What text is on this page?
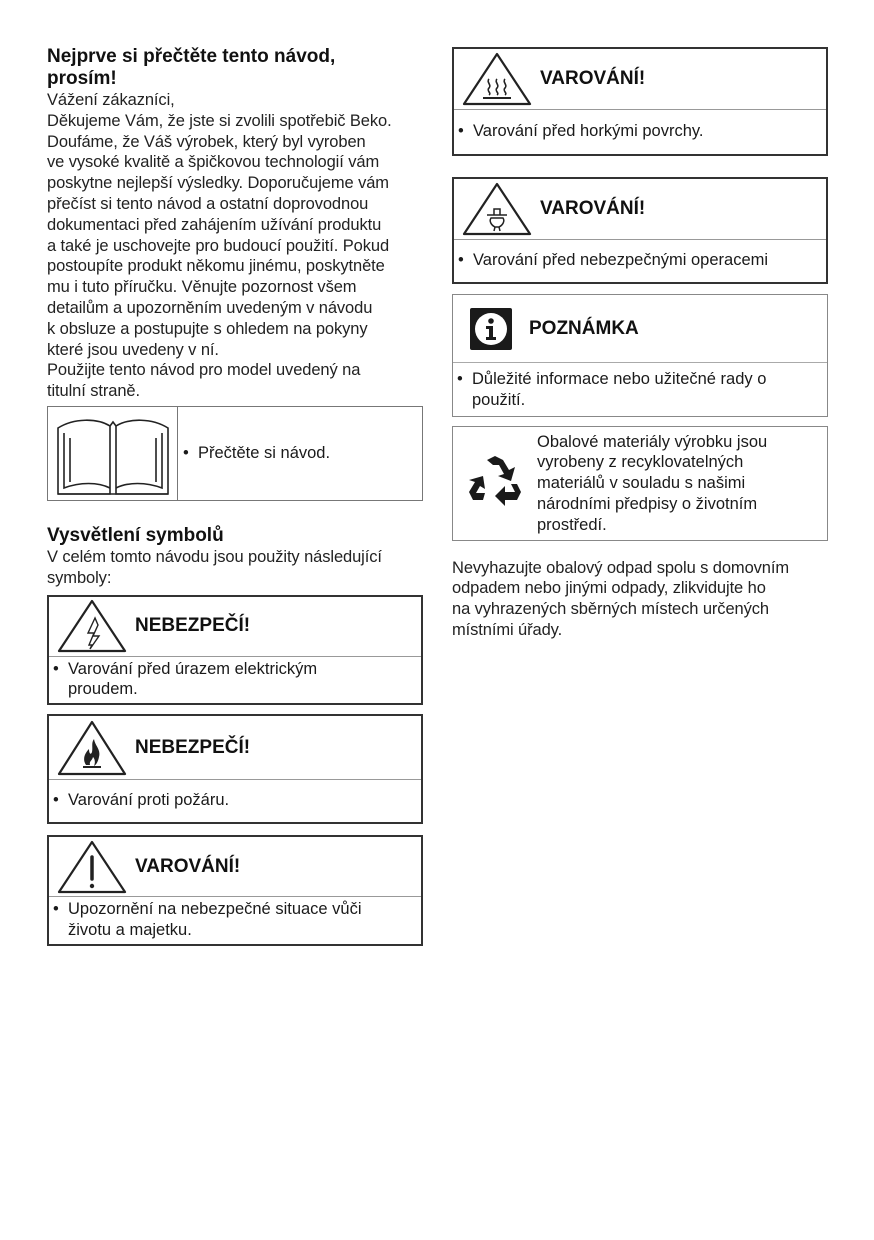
Nejprve si přečtěte tento návod,
prosím!
Vážení zákazníci,
Děkujeme Vám, že jste si zvolili spotřebič Beko.
Doufáme, že Váš výrobek, který byl vyroben
ve vysoké kvalitě a špičkovou technologií vám
poskytne nejlepší výsledky. Doporučujeme vám
přečíst si tento návod a ostatní doprovodnou
dokumentaci před zahájením užívání produktu
a také je uschovejte pro budoucí použití. Pokud
postoupíte produkt někomu jinému, poskytněte
mu i tuto příručku. Věnujte pozornost všem
detailům a upozorněním uvedeným v návodu
k obsluze a postupujte s ohledem na pokyny
které jsou uvedeny v ní.
Použijte tento návod pro model uvedený na
titulní straně.
• Přečtěte si návod.
Vysvětlení symbolů
V celém tomto návodu jsou použity následující
symboly:
NEBEZPEČÍ!
• Varování před úrazem elektrickým
proudem.
NEBEZPEČÍ!
• Varování proti požáru.
VAROVÁNÍ!
• Upozornění na nebezpečné situace vůči
životu a majetku.
VAROVÁNÍ!
• Varování před horkými povrchy.
VAROVÁNÍ!
• Varování před nebezpečnými operacemi
POZNÁMKA
• Důležité informace nebo užitečné rady o
použití.
Obalové materiály výrobku jsou
vyrobeny z recyklovatelných
materiálů v souladu s našimi
národními předpisy o životním
prostředí.
Nevyhazujte obalový odpad spolu s domovním
odpadem nebo jinými odpady, zlikvidujte ho
na vyhrazených sběrných místech určených
místními úřady.
